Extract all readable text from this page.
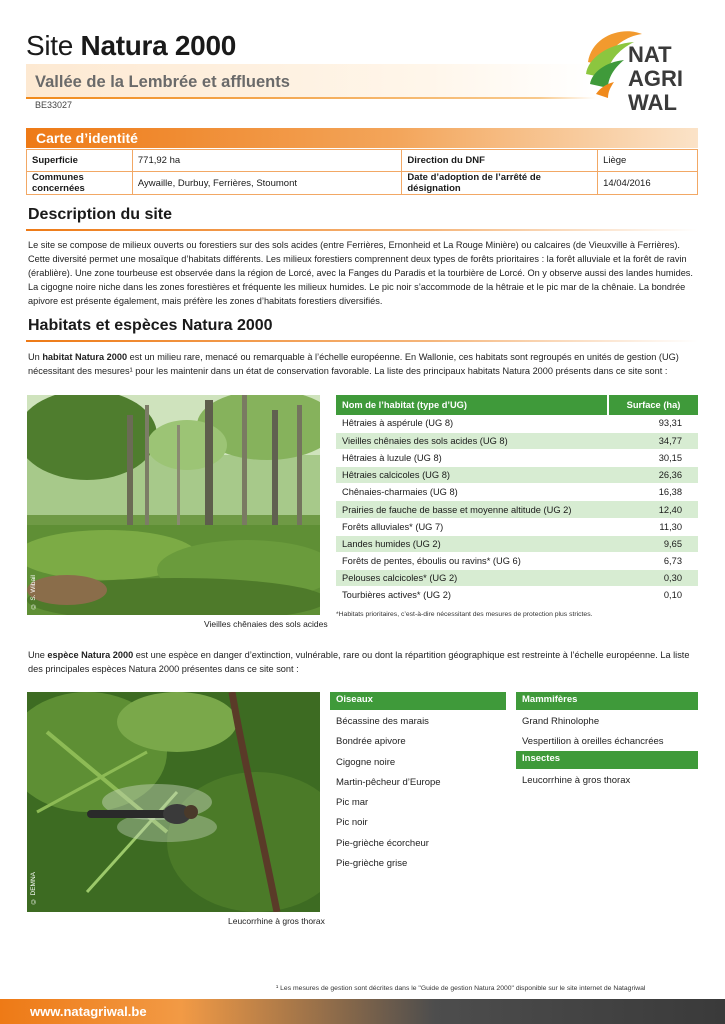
Site Natura 2000
Vallée de la Lembrée et affluents
BE33027
NAT
AGRI
WAL
Carte d’identité
Superficie	771,92 ha	Direction du DNF	Liège
Communes concernées	Aywaille, Durbuy, Ferrières, Stoumont	Date d’adoption de l’arrêté de désignation	14/04/2016
Description du site
Le site se compose de milieux ouverts ou forestiers sur des sols acides (entre Ferrières, Ernonheid et La Rouge Minière) ou calcaires (de Vieuxville à Ferrières). Cette diversité permet une mosaïque d’habitats différents. Les milieux forestiers comprennent deux types de forêts prioritaires : la forêt alluviale et la forêt de ravin (érablière). Une zone tourbeuse est observée dans la région de Lorcé, avec la Fanges du Paradis et la tourbière de Lorcé. On y observe aussi des landes humides. La cigogne noire niche dans les zones forestières et fréquente les milieux humides. Le pic noir s’accommode de la hêtraie et le pic mar de la chênaie. La bondrée apivore est présente également, mais préfère les zones d’habitats forestiers diversifiés.
Habitats et espèces Natura 2000
Un habitat Natura 2000 est un milieu rare, menacé ou remarquable à l’échelle européenne. En Wallonie, ces habitats sont regroupés en unités de gestion (UG) nécessitant des mesures¹ pour les maintenir dans un état de conservation favorable. La liste des principaux habitats Natura 2000 présents dans ce site sont :
© S. Wibail
Vieilles chênaies des sols acides
Nom de l’habitat (type d’UG)	Surface (ha)
Hêtraies à aspérule (UG 8)	93,31
Vieilles chênaies des sols acides (UG 8)	34,77
Hêtraies à luzule (UG 8)	30,15
Hêtraies calcicoles (UG 8)	26,36
Chênaies-charmaies (UG 8)	16,38
Prairies de fauche de basse et moyenne altitude (UG 2)	12,40
Forêts alluviales* (UG 7)	11,30
Landes humides (UG 2)	9,65
Forêts de pentes, éboulis ou ravins* (UG 6)	6,73
Pelouses calcicoles* (UG 2)	0,30
Tourbières actives* (UG 2)	0,10
*Habitats prioritaires, c’est-à-dire nécessitant des mesures de protection plus strictes.
Une espèce Natura 2000 est une espèce en danger d’extinction, vulnérable, rare ou dont la répartition géographique est restreinte à l’échelle européenne. La liste des principales espèces Natura 2000 présentes dans ce site sont :
© DEMNA
Leucorrhine à gros thorax
Oiseaux
Bécassine des marais
Bondrée apivore
Cigogne noire
Martin-pêcheur d’Europe
Pic mar
Pic noir
Pie-grièche écorcheur
Pie-grièche grise
Mammifères
Grand Rhinolophe
Vespertilion à oreilles échancrées
Insectes
Leucorrhine à gros thorax
¹ Les mesures de gestion sont décrites dans le "Guide de gestion Natura 2000" disponible sur le site internet de Natagriwal
www.natagriwal.be
